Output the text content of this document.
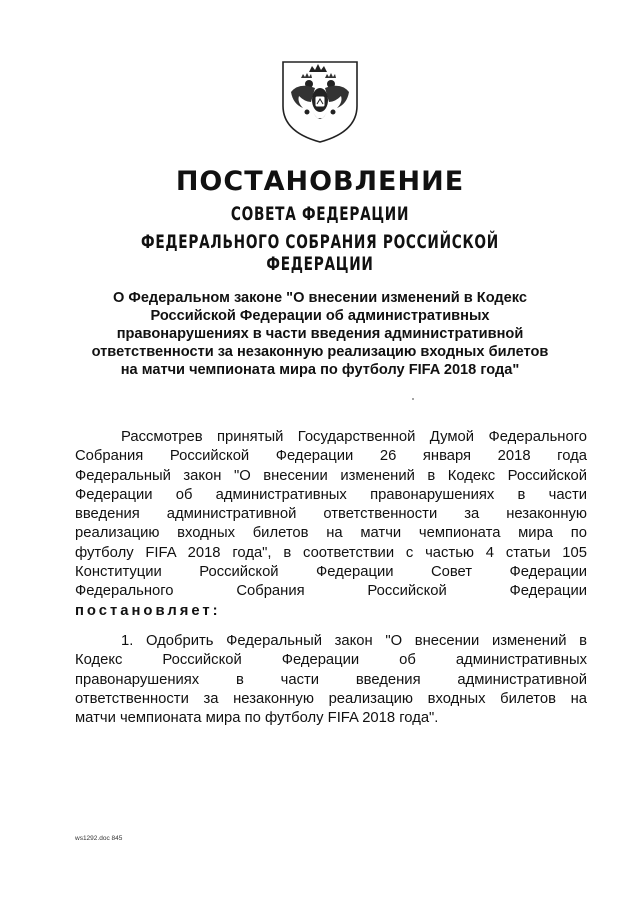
ПОСТАНОВЛЕНИЕ
СОВЕТА ФЕДЕРАЦИИ
ФЕДЕРАЛЬНОГО СОБРАНИЯ РОССИЙСКОЙ ФЕДЕРАЦИИ
О Федеральном законе "О внесении изменений в Кодекс
Российской Федерации об административных
правонарушениях в части введения административной
ответственности за незаконную реализацию входных билетов
на матчи чемпионата мира по футболу FIFA 2018 года"
Рассмотрев принятый Государственной Думой Федерального
Собрания Российской Федерации 26 января 2018 года
Федеральный закон "О внесении изменений в Кодекс Российской
Федерации об административных правонарушениях в части
введения административной ответственности за незаконную
реализацию входных билетов на матчи чемпионата мира по
футболу FIFA 2018 года", в соответствии с частью 4 статьи 105
Конституции Российской Федерации Совет Федерации
Федерального Собрания Российской Федерации
постановляет:
1. Одобрить Федеральный закон "О внесении изменений в
Кодекс Российской Федерации об административных
правонарушениях в части введения административной
ответственности за незаконную реализацию входных билетов на
матчи чемпионата мира по футболу FIFA 2018 года".
ws1292.doc 845
